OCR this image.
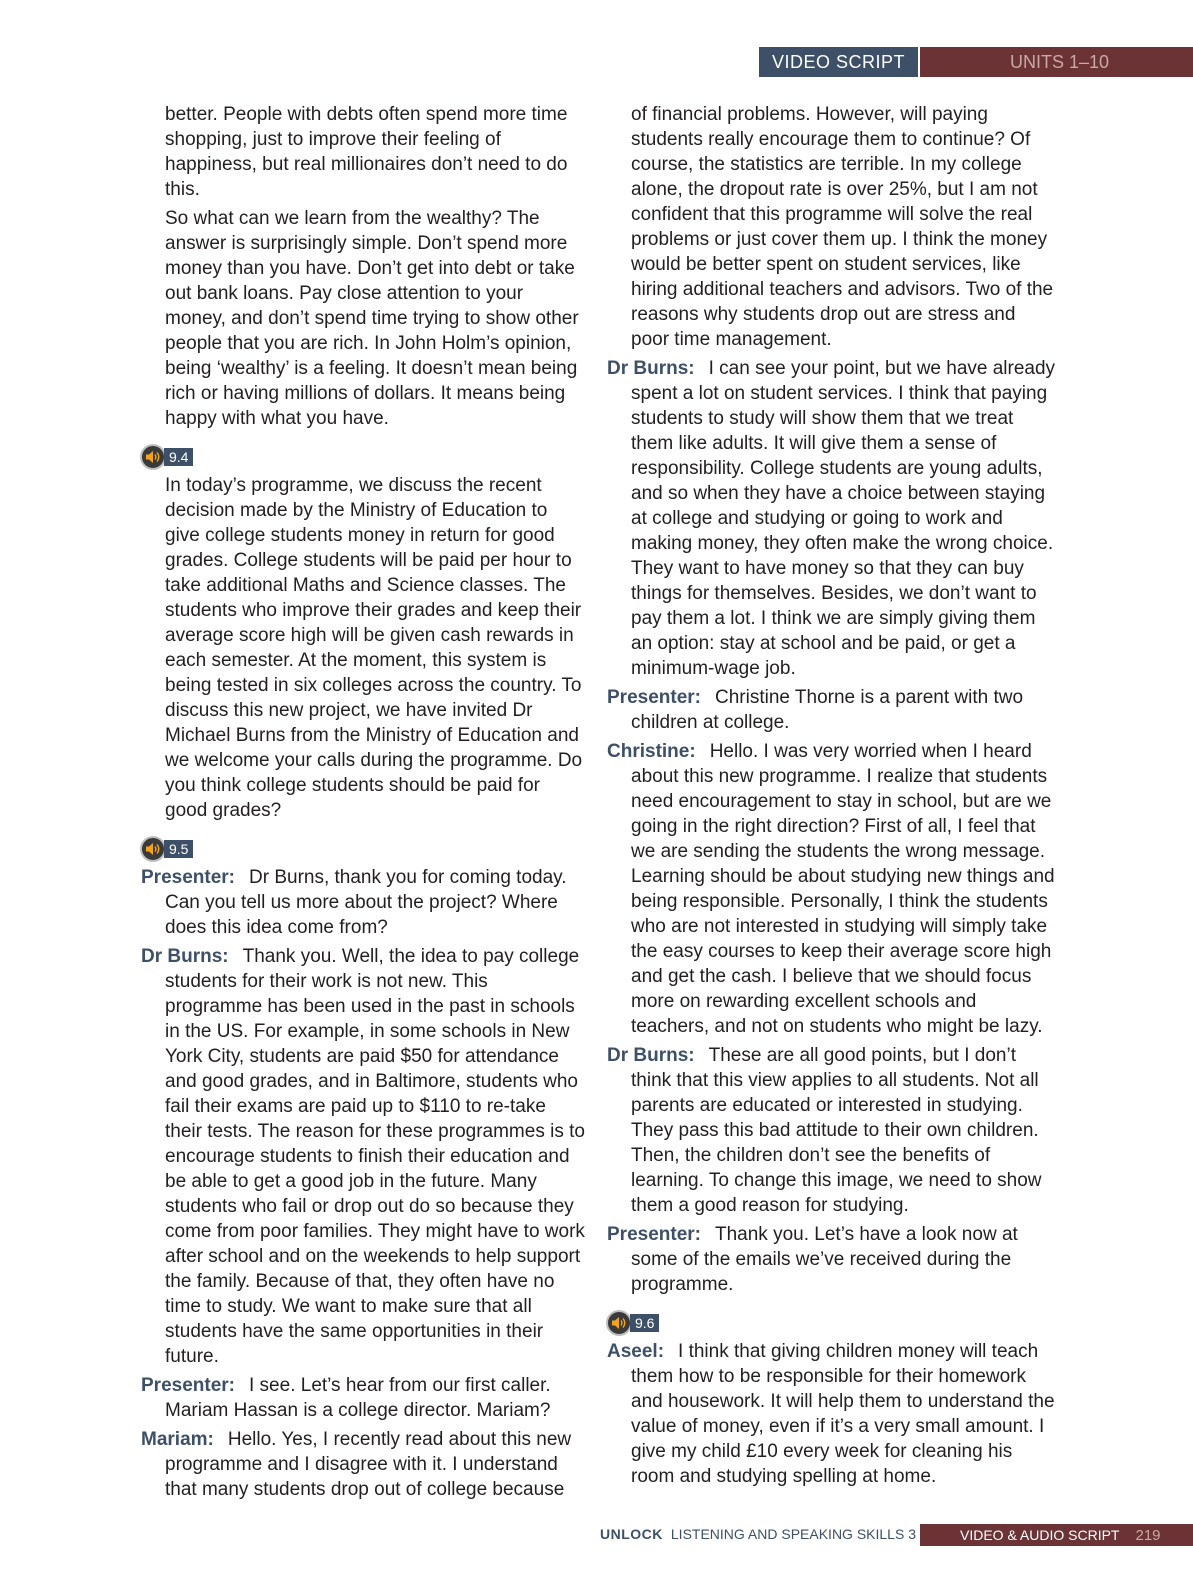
VIDEO SCRIPT	UNITS 1–10

better. People with debts often spend more time shopping, just to improve their feeling of happiness, but real millionaires don’t need to do this.

So what can we learn from the wealthy? The answer is surprisingly simple. Don’t spend more money than you have. Don’t get into debt or take out bank loans. Pay close attention to your money, and don’t spend time trying to show other people that you are rich. In John Holm’s opinion, being ‘wealthy’ is a feeling. It doesn’t mean being rich or having millions of dollars. It means being happy with what you have.

9.4

In today’s programme, we discuss the recent decision made by the Ministry of Education to give college students money in return for good grades. College students will be paid per hour to take additional Maths and Science classes. The students who improve their grades and keep their average score high will be given cash rewards in each semester. At the moment, this system is being tested in six colleges across the country. To discuss this new project, we have invited Dr Michael Burns from the Ministry of Education and we welcome your calls during the programme. Do you think college students should be paid for good grades?

9.5

Presenter: Dr Burns, thank you for coming today. Can you tell us more about the project? Where does this idea come from?

Dr Burns: Thank you. Well, the idea to pay college students for their work is not new. This programme has been used in the past in schools in the US. For example, in some schools in New York City, students are paid $50 for attendance and good grades, and in Baltimore, students who fail their exams are paid up to $110 to re-take their tests. The reason for these programmes is to encourage students to finish their education and be able to get a good job in the future. Many students who fail or drop out do so because they come from poor families. They might have to work after school and on the weekends to help support the family. Because of that, they often have no time to study. We want to make sure that all students have the same opportunities in their future.

Presenter: I see. Let’s hear from our first caller. Mariam Hassan is a college director. Mariam?

Mariam: Hello. Yes, I recently read about this new programme and I disagree with it. I understand that many students drop out of college because

of financial problems. However, will paying students really encourage them to continue? Of course, the statistics are terrible. In my college alone, the dropout rate is over 25%, but I am not confident that this programme will solve the real problems or just cover them up. I think the money would be better spent on student services, like hiring additional teachers and advisors. Two of the reasons why students drop out are stress and poor time management.

Dr Burns: I can see your point, but we have already spent a lot on student services. I think that paying students to study will show them that we treat them like adults. It will give them a sense of responsibility. College students are young adults, and so when they have a choice between staying at college and studying or going to work and making money, they often make the wrong choice. They want to have money so that they can buy things for themselves. Besides, we don’t want to pay them a lot. I think we are simply giving them an option: stay at school and be paid, or get a minimum-wage job.

Presenter: Christine Thorne is a parent with two children at college.

Christine: Hello. I was very worried when I heard about this new programme. I realize that students need encouragement to stay in school, but are we going in the right direction? First of all, I feel that we are sending the students the wrong message. Learning should be about studying new things and being responsible. Personally, I think the students who are not interested in studying will simply take the easy courses to keep their average score high and get the cash. I believe that we should focus more on rewarding excellent schools and teachers, and not on students who might be lazy.

Dr Burns: These are all good points, but I don’t think that this view applies to all students. Not all parents are educated or interested in studying. They pass this bad attitude to their own children. Then, the children don’t see the benefits of learning. To change this image, we need to show them a good reason for studying.

Presenter: Thank you. Let’s have a look now at some of the emails we’ve received during the programme.

9.6

Aseel: I think that giving children money will teach them how to be responsible for their homework and housework. It will help them to understand the value of money, even if it’s a very small amount. I give my child £10 every week for cleaning his room and studying spelling at home.

UNLOCK LISTENING AND SPEAKING SKILLS 3	VIDEO & AUDIO SCRIPT 219
